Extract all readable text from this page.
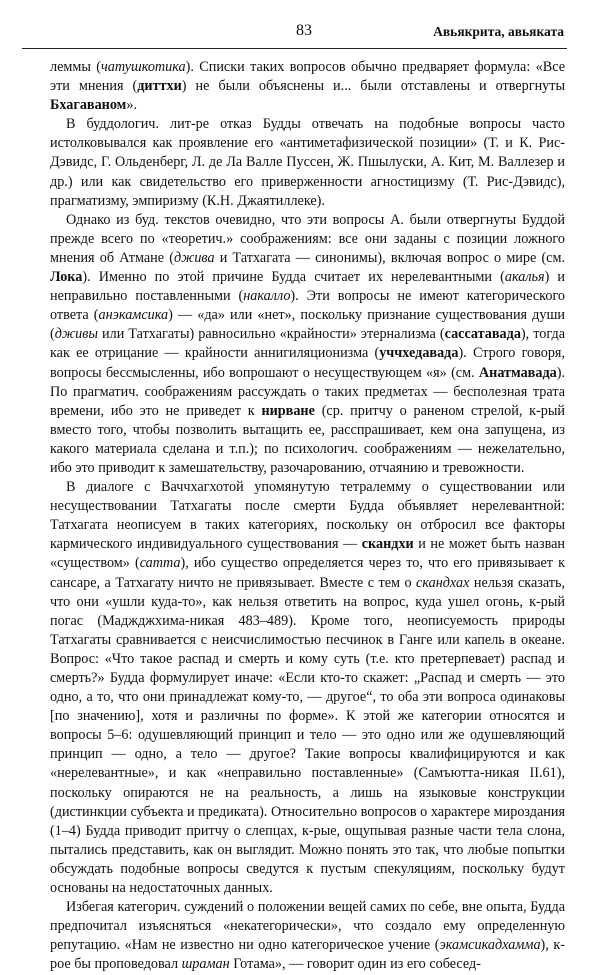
83	Авьякрита, авьяката

леммы (чатушкотика). Списки таких вопросов обычно предваряет формула: «Все эти мнения (диттхи) не были объяснены и... были отставлены и отвергнуты Бхагаваном».

В буддологич. лит-ре отказ Будды отвечать на подобные вопросы часто истолковывался как проявление его «антиметафизической позиции» (Т. и К. Рис-Дэвидс, Г. Ольденберг, Л. де Ла Валле Пуссен, Ж. Пшылуски, А. Кит, М. Валлезер и др.) или как свидетельство его приверженности агностицизму (Т. Рис-Дэвидс), прагматизму, эмпиризму (К.Н. Джаятиллеке).

Однако из буд. текстов очевидно, что эти вопросы А. были отвергнуты Буддой прежде всего по «теоретич.» соображениям: все они заданы с позиции ложного мнения об Атмане (джива и Татхагата — синонимы), включая вопрос о мире (см. Лока). Именно по этой причине Будда считает их нерелевантными (акалья) и неправильно поставленными (накалло). Эти вопросы не имеют категорического ответа (анэкамсика) — «да» или «нет», поскольку признание существования души (дживы или Татхагаты) равносильно «крайности» этернализма (сассатавада), тогда как ее отрицание — крайности аннигиляционизма (уччхедавада). Строго говоря, вопросы бессмысленны, ибо вопрошают о несуществующем «я» (см. Анатмавада). По прагматич. соображениям рассуждать о таких предметах — бесполезная трата времени, ибо это не приведет к нирване (ср. притчу о раненом стрелой, к-рый вместо того, чтобы позволить вытащить ее, расспрашивает, кем она запущена, из какого материала сделана и т.п.); по психологич. соображениям — нежелательно, ибо это приводит к замешательству, разочарованию, отчаянию и тревожности.

В диалоге с Ваччхагхотой упомянутую тетралемму о существовании или несуществовании Татхагаты после смерти Будда объявляет нерелевантной: Татхагата неописуем в таких категориях, поскольку он отбросил все факторы кармического индивидуального существования — скандхи и не может быть назван «существом» (сатта), ибо существо определяется через то, что его привязывает к сансаре, а Татхагату ничто не привязывает. Вместе с тем о скандхах нельзя сказать, что они «ушли куда-то», как нельзя ответить на вопрос, куда ушел огонь, к-рый погас (Маджджхима-никая 483–489). Кроме того, неописуемость природы Татхагаты сравнивается с неисчислимостью песчинок в Ганге или капель в океане. Вопрос: «Что такое распад и смерть и кому суть (т.е. кто претерпевает) распад и смерть?» Будда формулирует иначе: «Если кто-то скажет: „Распад и смерть — это одно, а то, что они принадлежат кому-то, — другое“, то оба эти вопроса одинаковы [по значению], хотя и различны по форме». К этой же категории относятся и вопросы 5–6: одушевляющий принцип и тело — это одно или же одушевляющий принцип — одно, а тело — другое? Такие вопросы квалифицируются и как «нерелевантные», и как «неправильно поставленные» (Самъютта-никая II.61), поскольку опираются не на реальность, а лишь на языковые конструкции (дистинкции субъекта и предиката). Относительно вопросов о характере мироздания (1–4) Будда приводит притчу о слепцах, к-рые, ощупывая разные части тела слона, пытались представить, как он выглядит. Можно понять это так, что любые попытки обсуждать подобные вопросы сведутся к пустым спекуляциям, поскольку будут основаны на недостаточных данных.

Избегая категорич. суждений о положении вещей самих по себе, вне опыта, Будда предпочитал изъясняться «некатегорически», что создало ему определенную репутацию. «Нам не известно ни одно категорическое учение (экамсикадхамма), к-рое бы проповедовал шраман Готама», — говорит один из его собесед-
